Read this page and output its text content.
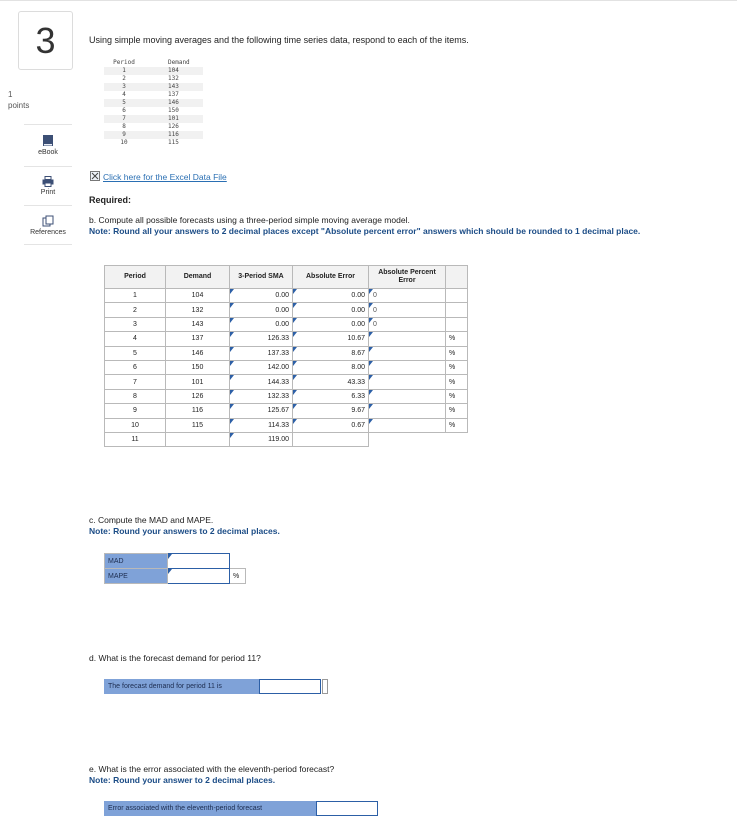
3
1
points
eBook
Print
References
Using simple moving averages and the following time series data, respond to each of the items.
Period	Demand
1	104
2	132
3	143
4	137
5	146
6	150
7	101
8	126
9	116
10	115
Click here for the Excel Data File
Required:
b. Compute all possible forecasts using a three-period simple moving average model.
Note: Round all your answers to 2 decimal places except "Absolute percent error" answers which should be rounded to 1 decimal place.
Period	Demand	3-Period SMA	Absolute Error	Absolute Percent Error	
1	104	0.00	0.00	0	
2	132	0.00	0.00	0	
3	143	0.00	0.00	0	
4	137	126.33	10.67		%
5	146	137.33	8.67		%
6	150	142.00	8.00		%
7	101	144.33	43.33		%
8	126	132.33	6.33		%
9	116	125.67	9.67		%
10	115	114.33	0.67		%
11		119.00			
c. Compute the MAD and MAPE.
Note: Round your answers to 2 decimal places.
MAD		
MAPE		%
d. What is the forecast demand for period 11?
The forecast demand for period 11 is
e. What is the error associated with the eleventh-period forecast?
Note: Round your answer to 2 decimal places.
Error associated with the eleventh-period forecast
